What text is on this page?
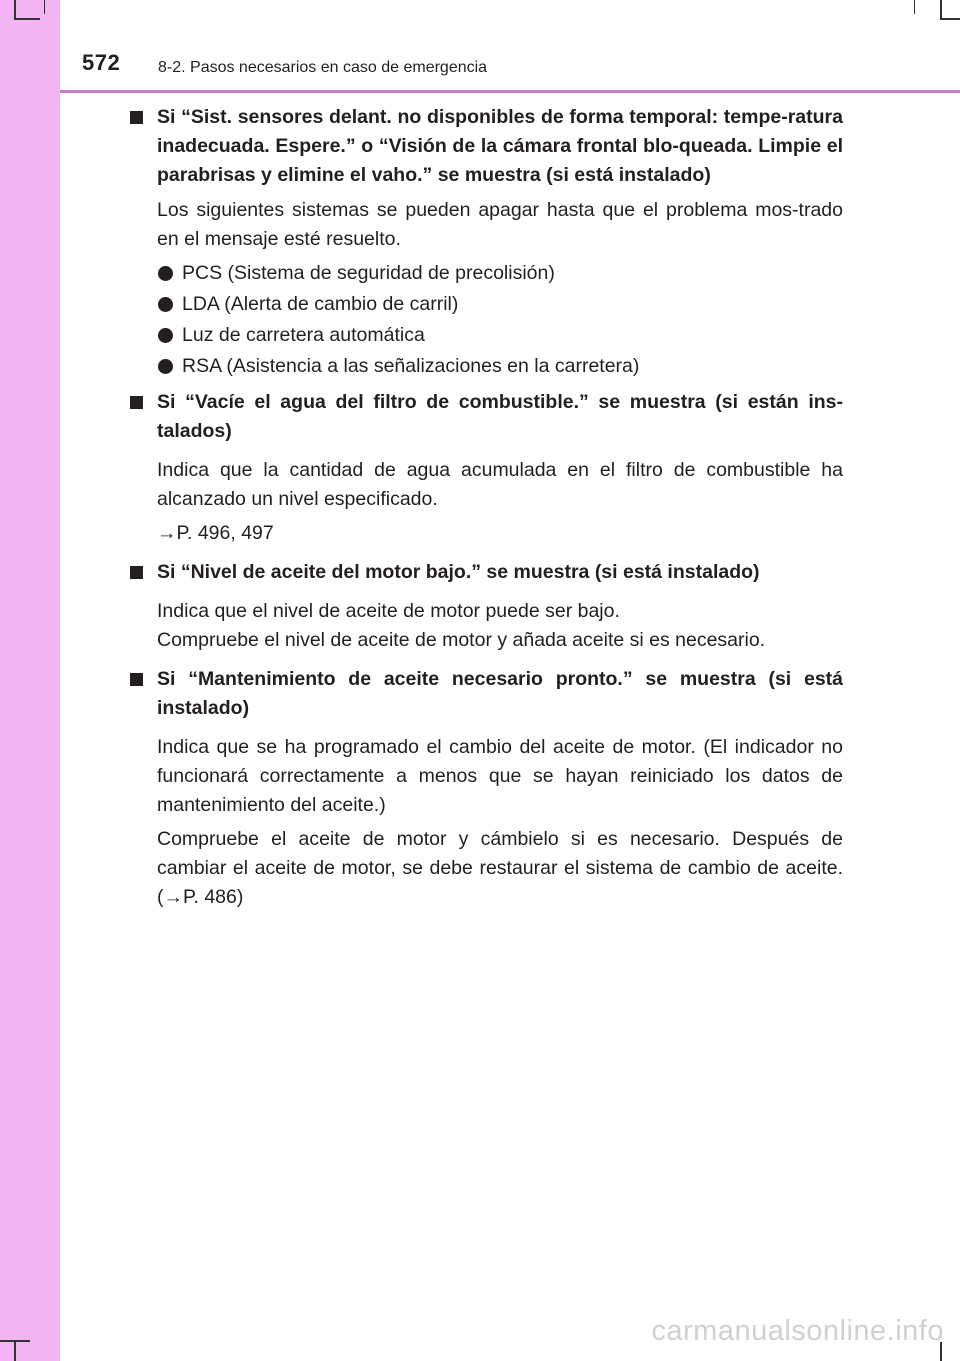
572 8-2. Pasos necesarios en caso de emergencia
Si “Sist. sensores delant. no disponibles de forma temporal: tempe-ratura inadecuada. Espere.” o “Visión de la cámara frontal blo-queada. Limpie el parabrisas y elimine el vaho.” se muestra (si está instalado)
Los siguientes sistemas se pueden apagar hasta que el problema mos-trado en el mensaje esté resuelto.
PCS (Sistema de seguridad de precolisión)
LDA (Alerta de cambio de carril)
Luz de carretera automática
RSA (Asistencia a las señalizaciones en la carretera)
Si “Vacíe el agua del filtro de combustible.” se muestra (si están ins-talados)
Indica que la cantidad de agua acumulada en el filtro de combustible ha alcanzado un nivel especificado.
→P. 496, 497
Si “Nivel de aceite del motor bajo.” se muestra (si está instalado)
Indica que el nivel de aceite de motor puede ser bajo.
Compruebe el nivel de aceite de motor y añada aceite si es necesario.
Si “Mantenimiento de aceite necesario pronto.” se muestra (si está instalado)
Indica que se ha programado el cambio del aceite de motor. (El indicador no funcionará correctamente a menos que se hayan reiniciado los datos de mantenimiento del aceite.)
Compruebe el aceite de motor y cámbielo si es necesario. Después de cambiar el aceite de motor, se debe restaurar el sistema de cambio de aceite. (→P. 486)
carmanualsonline.info
